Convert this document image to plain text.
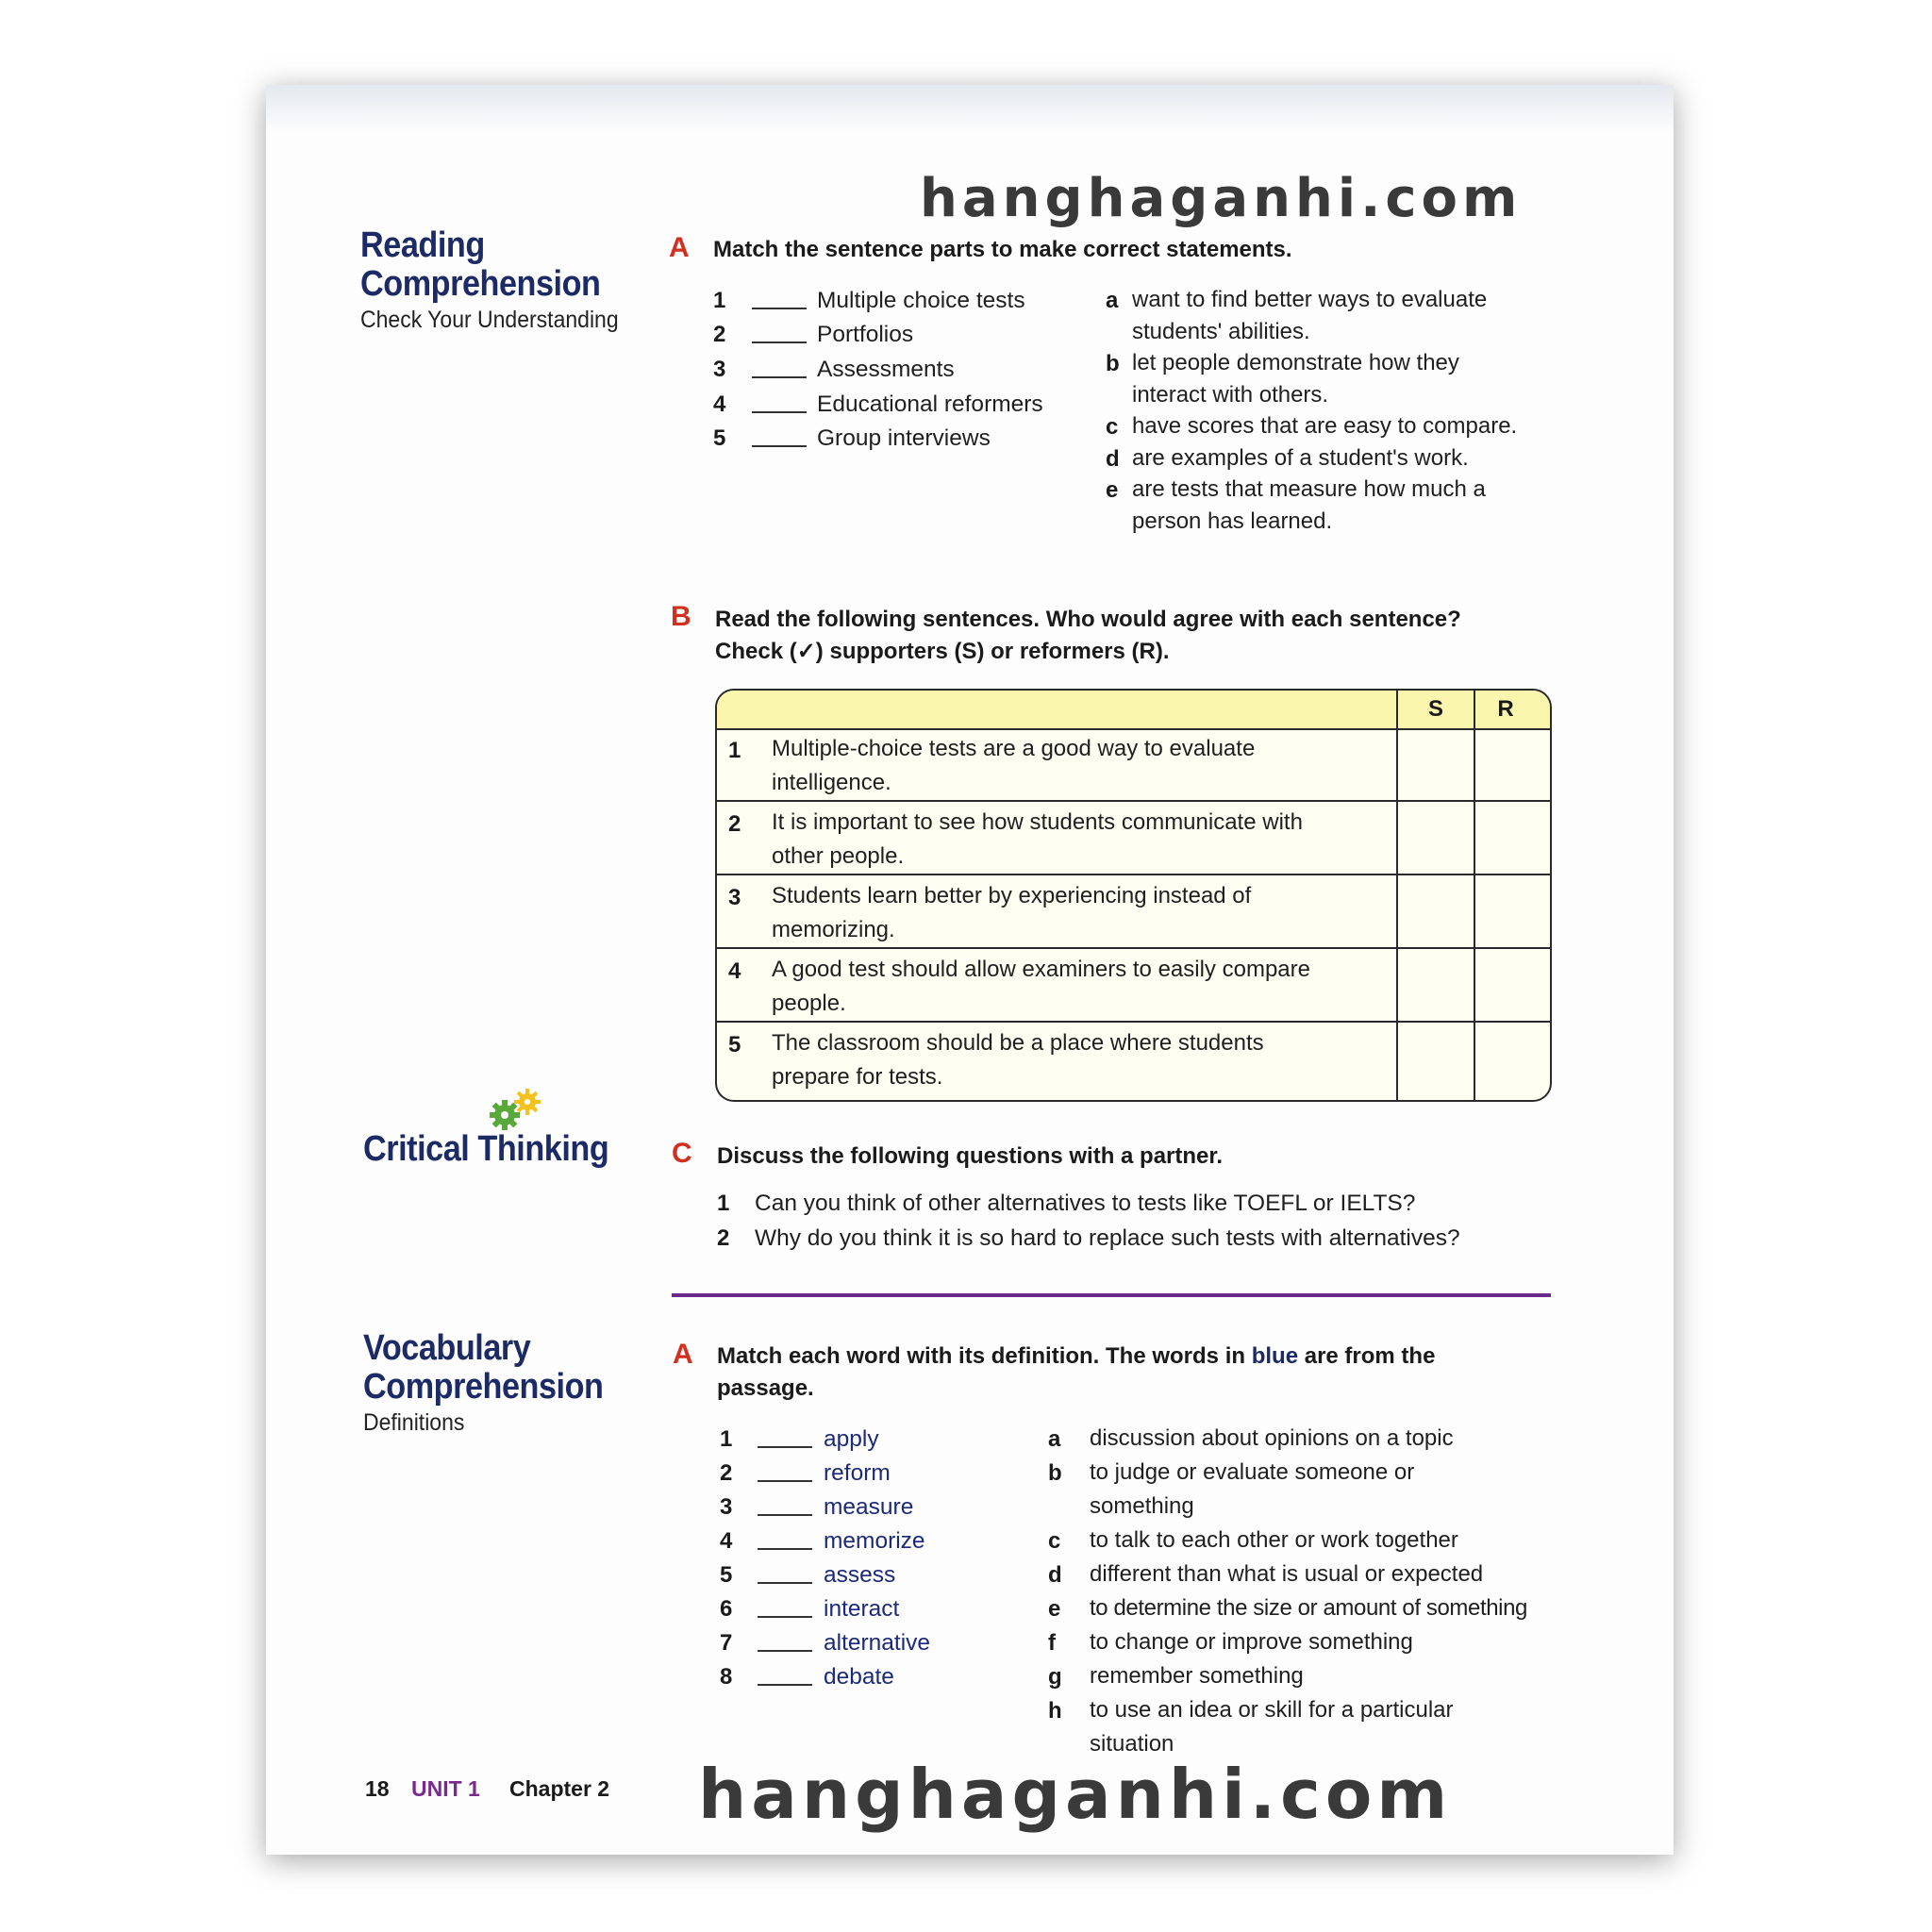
hanghaganhi.com
Reading
Comprehension
Check Your Understanding
A Match the sentence parts to make correct statements.
1	Multiple choice tests
2	Portfolios
3	Assessments
4	Educational reformers
5	Group interviews
a want to find better ways to evaluate
students' abilities.
b let people demonstrate how they
interact with others.
c have scores that are easy to compare.
d are examples of a student's work.
e are tests that measure how much a
person has learned.
B Read the following sentences. Who would agree with each sentence?
Check (✓) supporters (S) or reformers (R).
S	R
1 Multiple-choice tests are a good way to evaluate
intelligence.
2 It is important to see how students communicate with
other people.
3 Students learn better by experiencing instead of
memorizing.
4 A good test should allow examiners to easily compare
people.
5 The classroom should be a place where students
prepare for tests.
Critical Thinking C Discuss the following questions with a partner.
1 Can you think of other alternatives to tests like TOEFL or IELTS?
2 Why do you think it is so hard to replace such tests with alternatives?
Vocabulary
Comprehension
Definitions
A Match each word with its definition. The words in blue are from the
passage.
1	apply
2	reform
3	measure
4	memorize
5	assess
6	interact
7	alternative
8	debate
a discussion about opinions on a topic
b to judge or evaluate someone or
something
c to talk to each other or work together
d different than what is usual or expected
e to determine the size or amount of something
f to change or improve something
g remember something
h to use an idea or skill for a particular
situation
18 UNIT 1 Chapter 2 hanghaganhi.com
